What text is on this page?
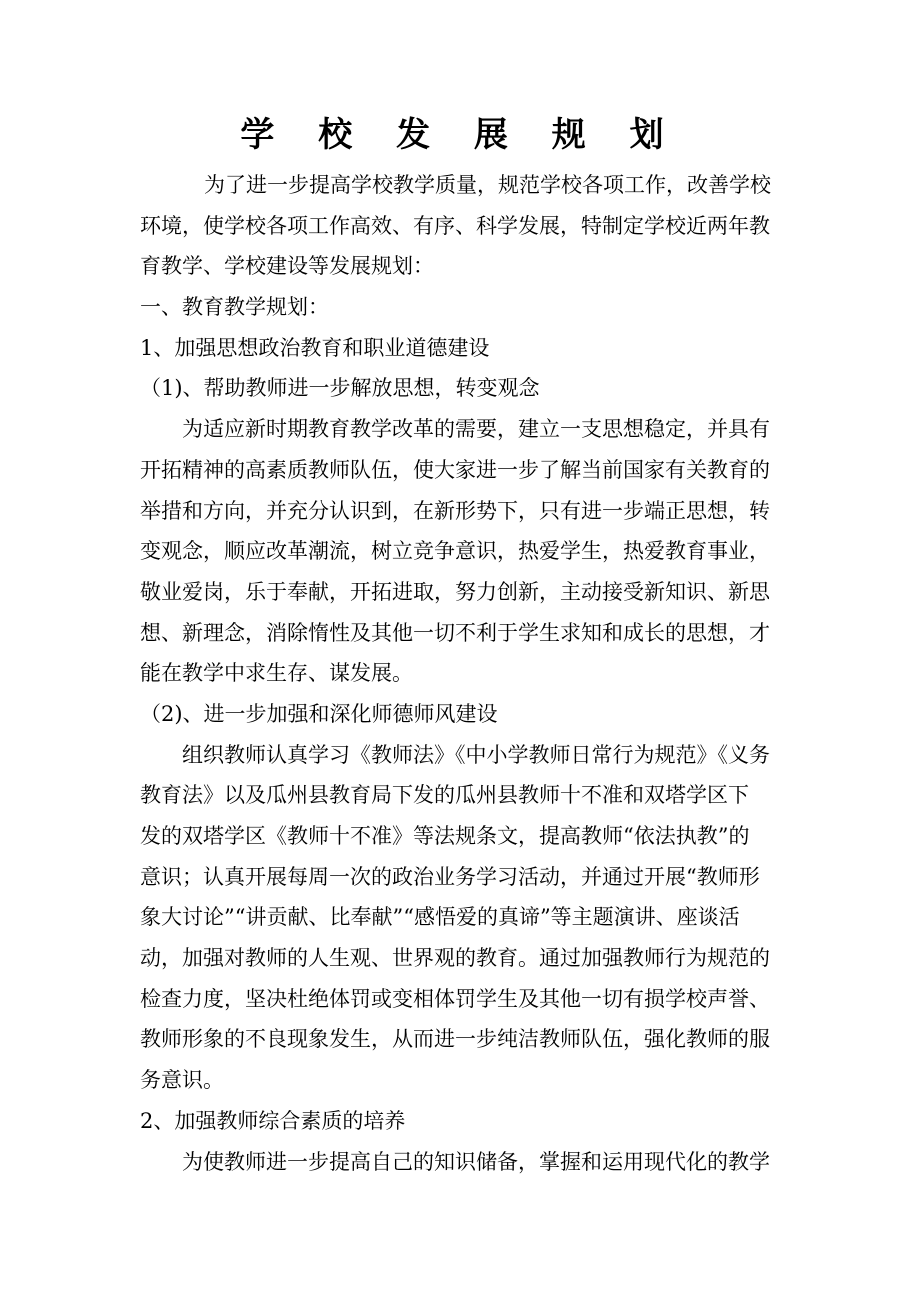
学 校 发 展 规 划
为了进一步提高学校教学质量，规范学校各项工作，改善学校
环境，使学校各项工作高效、有序、科学发展，特制定学校近两年教
育教学、学校建设等发展规划：
一、教育教学规划：
1、加强思想政治教育和职业道德建设
（1)、帮助教师进一步解放思想，转变观念
为适应新时期教育教学改革的需要，建立一支思想稳定，并具有
开拓精神的高素质教师队伍，使大家进一步了解当前国家有关教育的
举措和方向，并充分认识到，在新形势下，只有进一步端正思想，转
变观念，顺应改革潮流，树立竞争意识，热爱学生，热爱教育事业，
敬业爱岗，乐于奉献，开拓进取，努力创新，主动接受新知识、新思
想、新理念，消除惰性及其他一切不利于学生求知和成长的思想，才
能在教学中求生存、谋发展。
（2)、进一步加强和深化师德师风建设
组织教师认真学习《教师法》《中小学教师日常行为规范》《义务
教育法》以及瓜州县教育局下发的瓜州县教师十不准和双塔学区下
发的双塔学区《教师十不准》等法规条文，提高教师“依法执教”的
意识；认真开展每周一次的政治业务学习活动，并通过开展“教师形
象大讨论”“讲贡献、比奉献”“感悟爱的真谛”等主题演讲、座谈活
动，加强对教师的人生观、世界观的教育。通过加强教师行为规范的
检查力度，坚决杜绝体罚或变相体罚学生及其他一切有损学校声誉、
教师形象的不良现象发生，从而进一步纯洁教师队伍，强化教师的服
务意识。
2、加强教师综合素质的培养
为使教师进一步提高自己的知识储备，掌握和运用现代化的教学
